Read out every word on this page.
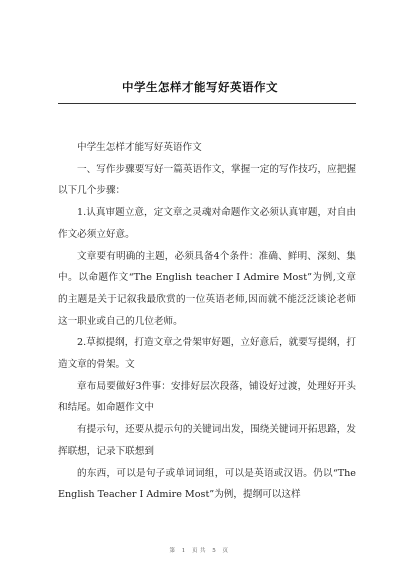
中学生怎样才能写好英语作文

中学生怎样才能写好英语作文

一、写作步骤要写好一篇英语作文，掌握一定的写作技巧，应把握以下几个步骤：

1.认真审题立意，定文章之灵魂对命题作文必须认真审题，对自由作文必须立好意。

文章要有明确的主题，必须具备4个条件：准确、鲜明、深刻、集中。以命题作文“The English teacher I Admire Most”为例,文章的主题是关于记叙我最欣赏的一位英语老师,因而就不能泛泛谈论老师这一职业或自己的几位老师。

2.草拟提纲，打造文章之骨架审好题，立好意后，就要写提纲，打造文章的骨架。文

章布局要做好3件事：安排好层次段落，铺设好过渡，处理好开头和结尾。如命题作文中

有提示句，还要从提示句的关键词出发，围绕关键词开拓思路，发挥联想，记录下联想到

的东西，可以是句子或单词词组，可以是英语或汉语。仍以“The English Teacher I Admire Most”为例，提纲可以这样

第 1 页共 5 页
